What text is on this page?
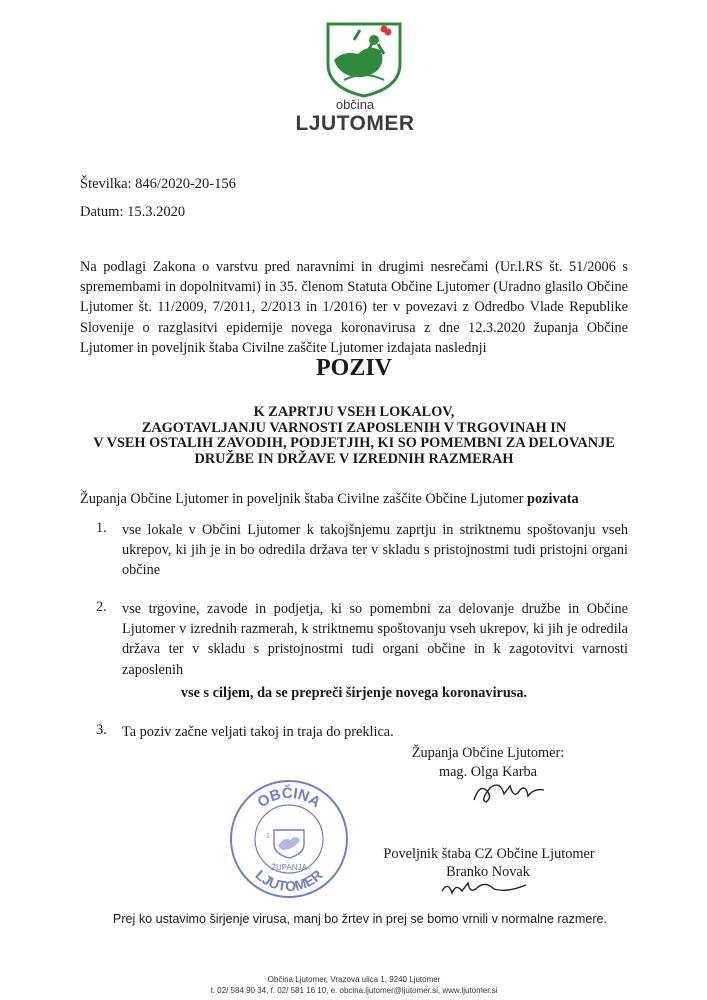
občina
LJUTOMER
Številka: 846/2020-20-156
Datum: 15.3.2020
Na podlagi Zakona o varstvu pred naravnimi in drugimi nesrečami (Ur.l.RS št. 51/2006 s spremembami in dopolnitvami) in 35. členom Statuta Občine Ljutomer (Uradno glasilo Občine Ljutomer št. 11/2009, 7/2011, 2/2013 in 1/2016) ter v povezavi z Odredbo Vlade Republike Slovenije o razglasitvi epidemije novega koronavirusa z dne 12.3.2020 županja Občine Ljutomer in poveljnik štaba Civilne zaščite Ljutomer izdajata naslednji
POZIV
K ZAPRTJU VSEH LOKALOV,
ZAGOTAVLJANJU VARNOSTI ZAPOSLENIH V TRGOVINAH IN
V VSEH OSTALIH ZAVODIH, PODJETJIH, KI SO POMEMBNI ZA DELOVANJE
DRUŽBE IN DRŽAVE V IZREDNIH RAZMERAH
Županja Občine Ljutomer in poveljnik štaba Civilne zaščite Občine Ljutomer pozivata
1. vse lokale v Občini Ljutomer k takojšnjemu zaprtju in striktnemu spoštovanju vseh ukrepov, ki jih je in bo odredila država ter v skladu s pristojnostmi tudi pristojni organi občine
2. vse trgovine, zavode in podjetja, ki so pomembni za delovanje družbe in Občine Ljutomer v izrednih razmerah, k striktnemu spoštovanju vseh ukrepov, ki jih je odredila država ter v skladu s pristojnostmi tudi organi občine in k zagotovitvi varnosti zaposlenih
vse s ciljem, da se prepreči širjenje novega koronavirusa.
3. Ta poziv začne veljati takoj in traja do preklica.
Županja Občine Ljutomer:
mag. Olga Karba
Poveljnik štaba CZ Občine Ljutomer
Branko Novak
OBČINA
LJUTOMER
ŽUPANJA
1
Prej ko ustavimo širjenje virusa, manj bo žrtev in prej se bomo vrnili v normalne razmere.
Občina Ljutomer, Vrazova ulica 1, 9240 Ljutomer
t. 02/ 584 90 34, f. 02/ 581 16 10, e. obcina.ljutomer@ljutomer.si, www.ljutomer.si
